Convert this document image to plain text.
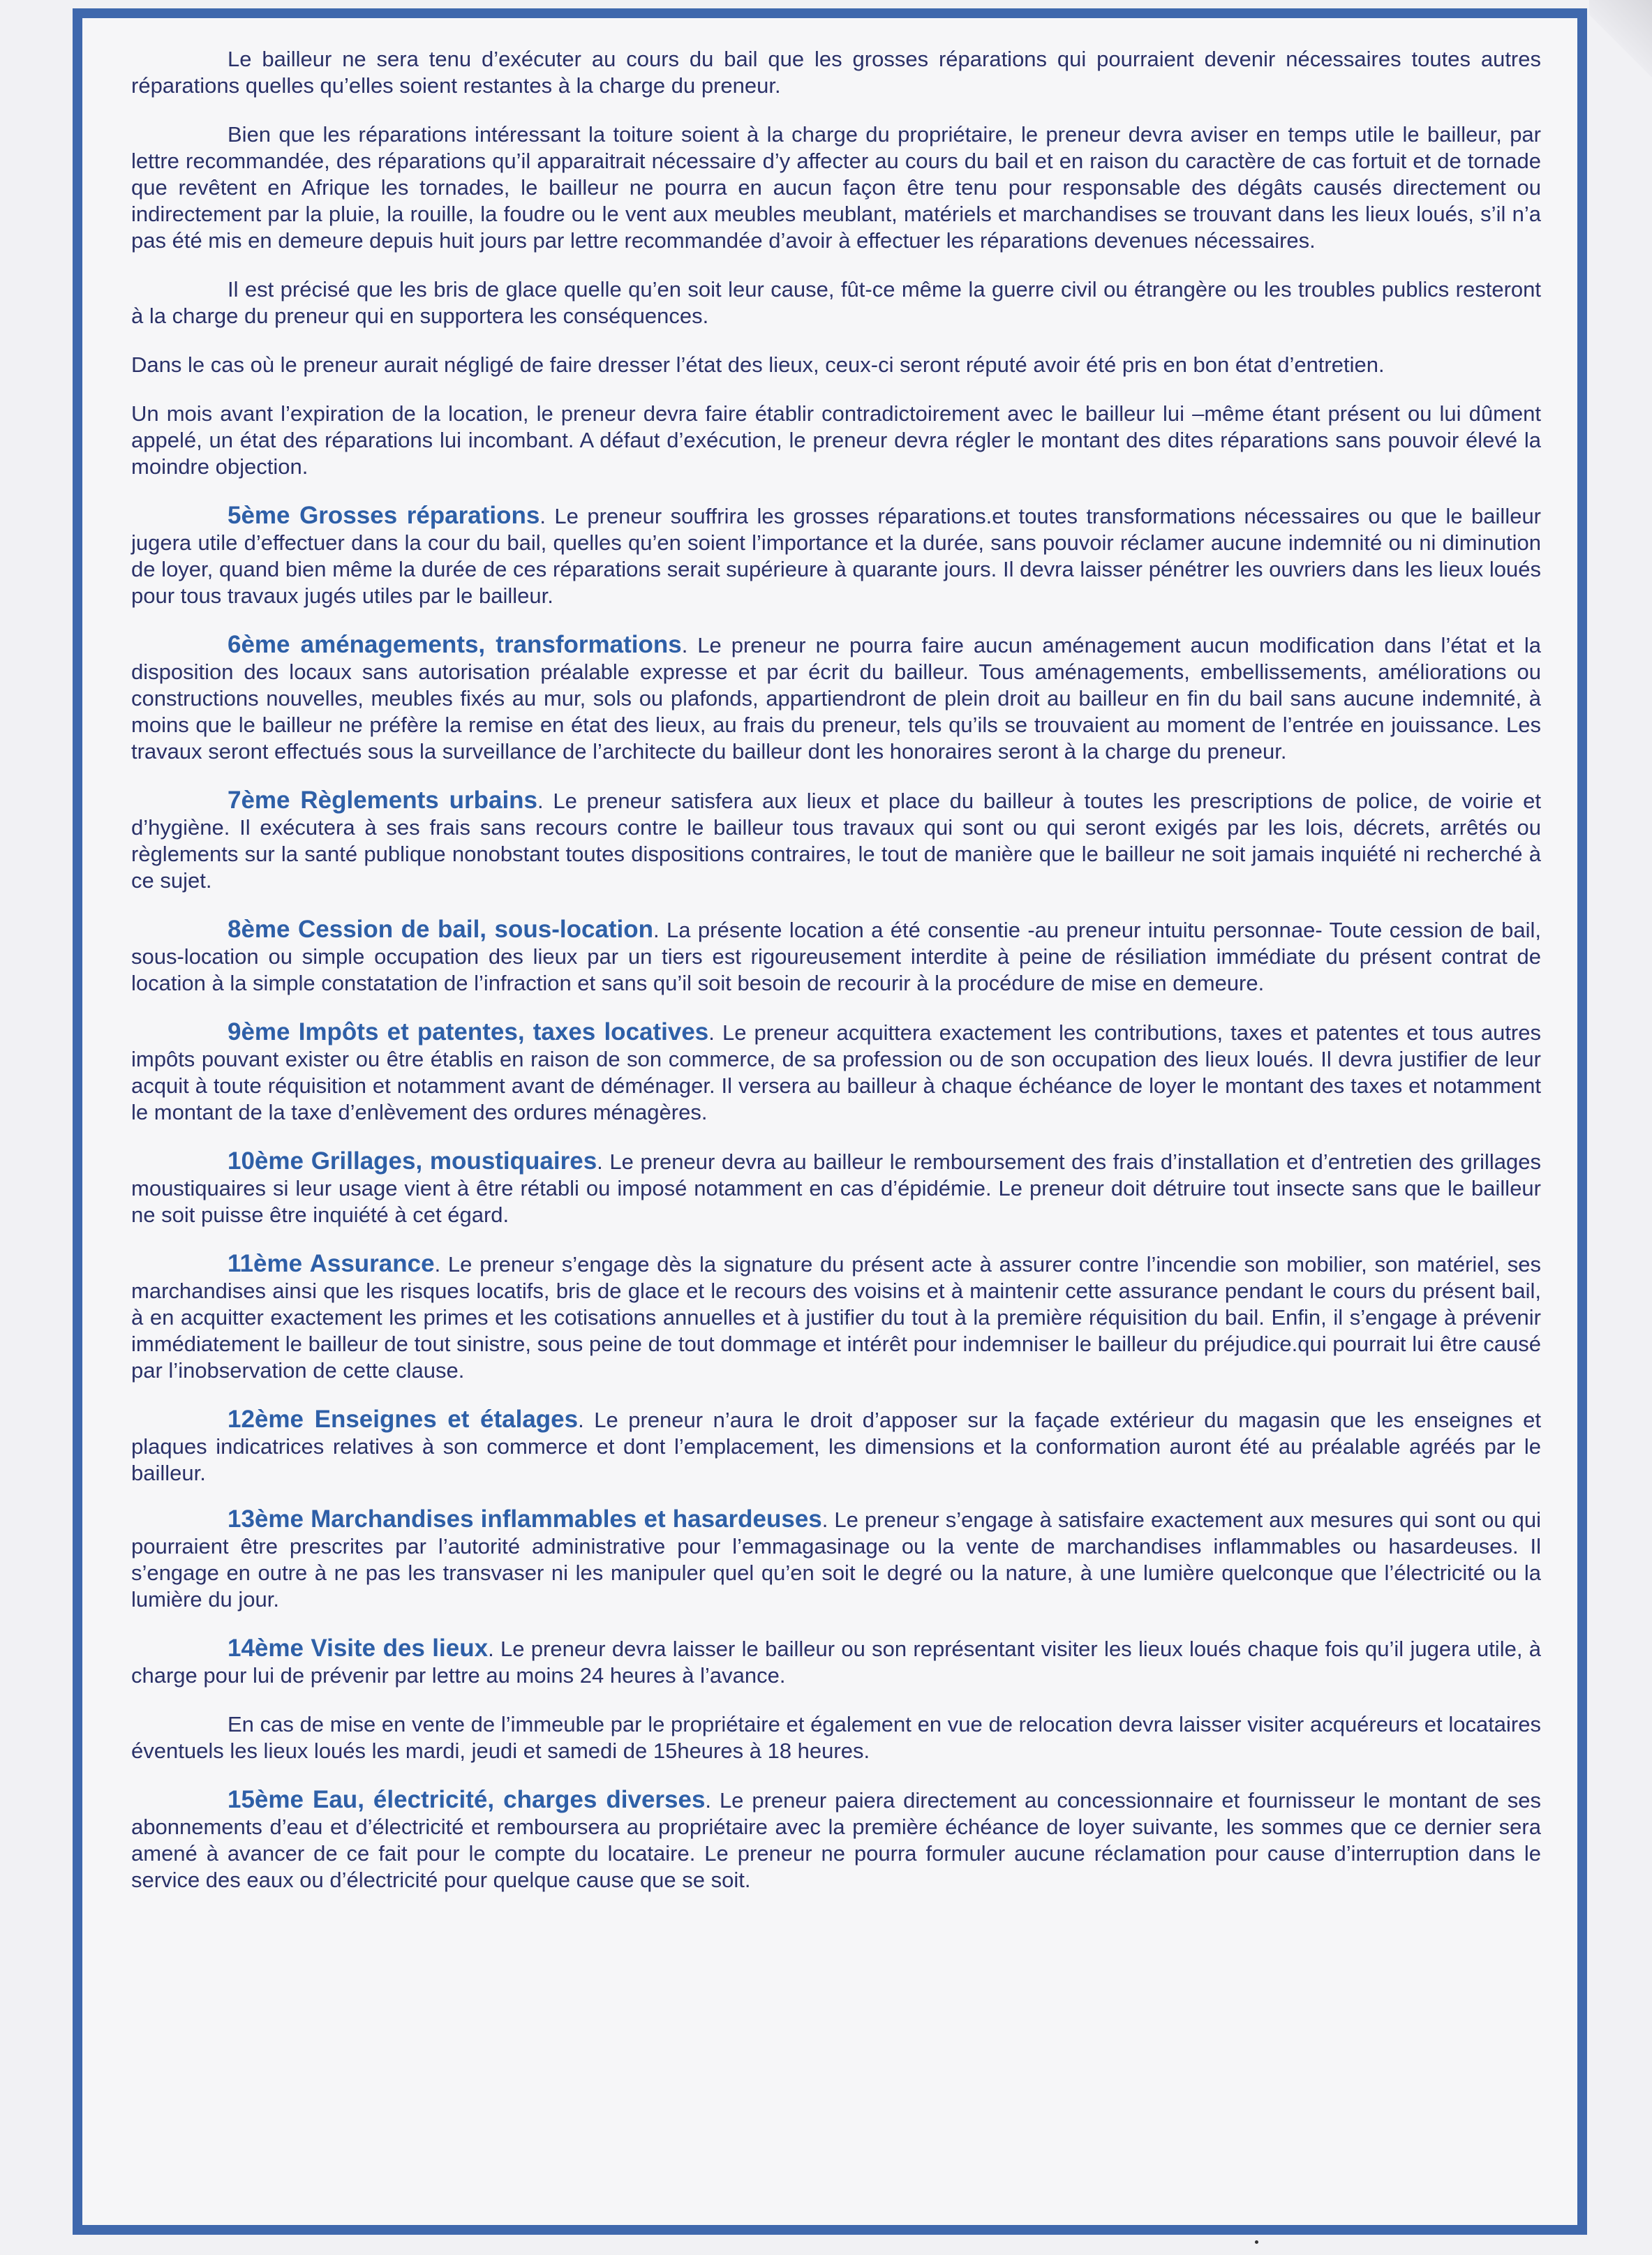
Le bailleur ne sera tenu d’exécuter au cours du bail que les grosses réparations qui pourraient devenir nécessaires toutes autres réparations quelles qu’elles soient restantes à la charge du preneur.

Bien que les réparations intéressant la toiture soient à la charge du propriétaire, le preneur devra aviser en temps utile le bailleur, par lettre recommandée, des réparations qu’il apparaitrait nécessaire d’y affecter au cours du bail et en raison du caractère de cas fortuit et de tornade que revêtent en Afrique les tornades, le bailleur ne pourra en aucun façon être tenu pour responsable des dégâts causés directement ou indirectement par la pluie, la rouille, la foudre ou le vent aux meubles meublant, matériels et marchandises se trouvant dans les lieux loués, s’il n’a pas été mis en demeure depuis huit jours par lettre recommandée d’avoir à effectuer les réparations devenues nécessaires.

Il est précisé que les bris de glace quelle qu’en soit leur cause, fût-ce même la guerre civil ou étrangère ou les troubles publics resteront à la charge du preneur qui en supportera les conséquences.

Dans le cas où le preneur aurait négligé de faire dresser l’état des lieux, ceux-ci seront réputé avoir été pris en bon état d’entretien.

Un mois avant l’expiration de la location, le preneur devra faire établir contradictoirement avec le bailleur lui –même étant présent ou lui dûment appelé, un état des réparations lui incombant. A défaut d’exécution, le preneur devra régler le montant des dites réparations sans pouvoir élevé la moindre objection.

5ème Grosses réparations. Le preneur souffrira les grosses réparations.et toutes transformations nécessaires ou que le bailleur jugera utile d’effectuer dans la cour du bail, quelles qu’en soient l’importance et la durée, sans pouvoir réclamer aucune indemnité ou ni diminution de loyer, quand bien même la durée de ces réparations serait supérieure à quarante jours. Il devra laisser pénétrer les ouvriers dans les lieux loués pour tous travaux jugés utiles par le bailleur.

6ème aménagements, transformations. Le preneur ne pourra faire aucun aménagement aucun modification dans l’état et la disposition des locaux sans autorisation préalable expresse et par écrit du bailleur. Tous aménagements, embellissements, améliorations ou constructions nouvelles, meubles fixés au mur, sols ou plafonds, appartiendront de plein droit au bailleur en fin du bail sans aucune indemnité, à moins que le bailleur ne préfère la remise en état des lieux, au frais du preneur, tels qu’ils se trouvaient au moment de l’entrée en jouissance. Les travaux seront effectués sous la surveillance de l’architecte du bailleur dont les honoraires seront à la charge du preneur.

7ème Règlements urbains. Le preneur satisfera aux lieux et place du bailleur à toutes les prescriptions de police, de voirie et d’hygiène. Il exécutera à ses frais sans recours contre le bailleur tous travaux qui sont ou qui seront exigés par les lois, décrets, arrêtés ou règlements sur la santé publique nonobstant toutes dispositions contraires, le tout de manière que le bailleur ne soit jamais inquiété ni recherché à ce sujet.

8ème Cession de bail, sous-location. La présente location a été consentie -au preneur intuitu personnae- Toute cession de bail, sous-location ou simple occupation des lieux par un tiers est rigoureusement interdite à peine de résiliation immédiate du présent contrat de location à la simple constatation de l’infraction et sans qu’il soit besoin de recourir à la procédure de mise en demeure.

9ème Impôts et patentes, taxes locatives. Le preneur acquittera exactement les contributions, taxes et patentes et tous autres impôts pouvant exister ou être établis en raison de son commerce, de sa profession ou de son occupation des lieux loués. Il devra justifier de leur acquit à toute réquisition et notamment avant de déménager. Il versera au bailleur à chaque échéance de loyer le montant des taxes et notamment le montant de la taxe d’enlèvement des ordures ménagères.

10ème Grillages, moustiquaires. Le preneur devra au bailleur le remboursement des frais d’installation et d’entretien des grillages moustiquaires si leur usage vient à être rétabli ou imposé notamment en cas d’épidémie. Le preneur doit détruire tout insecte sans que le bailleur ne soit puisse être inquiété à cet égard.

11ème Assurance. Le preneur s’engage dès la signature du présent acte à assurer contre l’incendie son mobilier, son matériel, ses marchandises ainsi que les risques locatifs, bris de glace et le recours des voisins et à maintenir cette assurance pendant le cours du présent bail, à en acquitter exactement les primes et les cotisations annuelles et à justifier du tout à la première réquisition du bail. Enfin, il s’engage à prévenir immédiatement le bailleur de tout sinistre, sous peine de tout dommage et intérêt pour indemniser le bailleur du préjudice.qui pourrait lui être causé par l’inobservation de cette clause.

12ème Enseignes et étalages. Le preneur n’aura le droit d’apposer sur la façade extérieur du magasin que les enseignes et plaques indicatrices relatives à son commerce et dont l’emplacement, les dimensions et la conformation auront été au préalable agréés par le bailleur.

13ème Marchandises inflammables et hasardeuses. Le preneur s’engage à satisfaire exactement aux mesures qui sont ou qui pourraient être prescrites par l’autorité administrative pour l’emmagasinage ou la vente de marchandises inflammables ou hasardeuses. Il s’engage en outre à ne pas les transvaser ni les manipuler quel qu’en soit le degré ou la nature, à une lumière quelconque que l’électricité ou la lumière du jour.

14ème Visite des lieux. Le preneur devra laisser le bailleur ou son représentant visiter les lieux loués chaque fois qu’il jugera utile, à charge pour lui de prévenir par lettre au moins 24 heures à l’avance.

En cas de mise en vente de l’immeuble par le propriétaire et également en vue de relocation devra laisser visiter acquéreurs et locataires éventuels les lieux loués les mardi, jeudi et samedi de 15heures à 18 heures.

15ème Eau, électricité, charges diverses. Le preneur paiera directement au concessionnaire et fournisseur le montant de ses abonnements d’eau et d’électricité et remboursera au propriétaire avec la première échéance de loyer suivante, les sommes que ce dernier sera amené à avancer de ce fait pour le compte du locataire. Le preneur ne pourra formuler aucune réclamation pour cause d’interruption dans le service des eaux ou d’électricité pour quelque cause que se soit.
